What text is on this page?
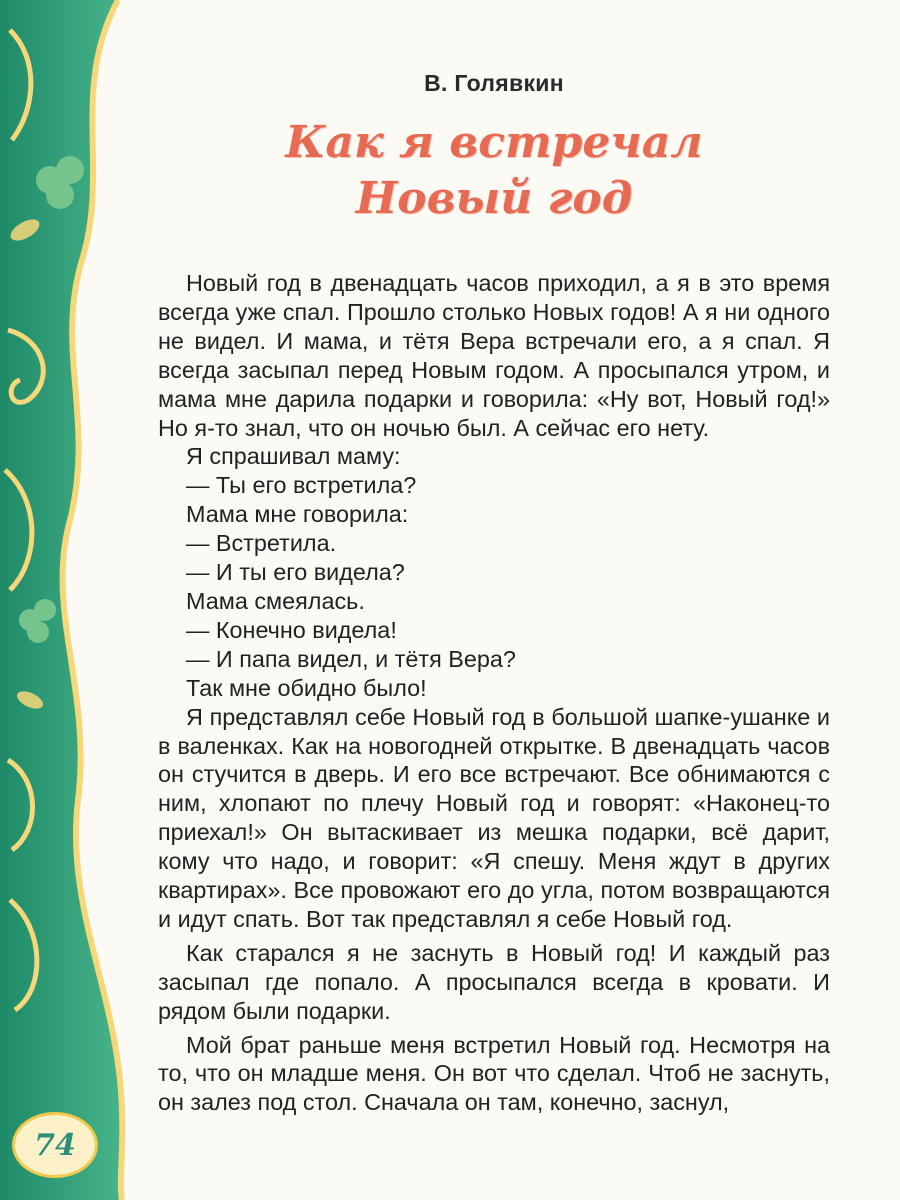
В. Голявкин

Как я встречал
Новый год

Новый год в двенадцать часов приходил, а я в это время всегда уже спал. Прошло столько Новых годов! А я ни одного не видел. И мама, и тётя Вера встречали его, а я спал. Я всегда засыпал перед Новым годом. А просыпался утром, и мама мне дарила подарки и говорила: «Ну вот, Новый год!» Но я-то знал, что он ночью был. А сейчас его нету.

Я спрашивал маму:

— Ты его встретила?

Мама мне говорила:

— Встретила.

— И ты его видела?

Мама смеялась.

— Конечно видела!

— И папа видел, и тётя Вера?

Так мне обидно было!

Я представлял себе Новый год в большой шапке-ушанке и в валенках. Как на новогодней открытке. В двенадцать часов он стучится в дверь. И его все встречают. Все обнимаются с ним, хлопают по плечу Новый год и говорят: «Наконец-то приехал!» Он вытаскивает из мешка подарки, всё дарит, кому что надо, и говорит: «Я спешу. Меня ждут в других квартирах». Все провожают его до угла, потом возвращаются и идут спать. Вот так представлял я себе Новый год.

Как старался я не заснуть в Новый год! И каждый раз засыпал где попало. А просыпался всегда в кровати. И рядом были подарки.

Мой брат раньше меня встретил Новый год. Несмотря на то, что он младше меня. Он вот что сделал. Чтоб не заснуть, он залез под стол. Сначала он там, конечно, заснул,

74
